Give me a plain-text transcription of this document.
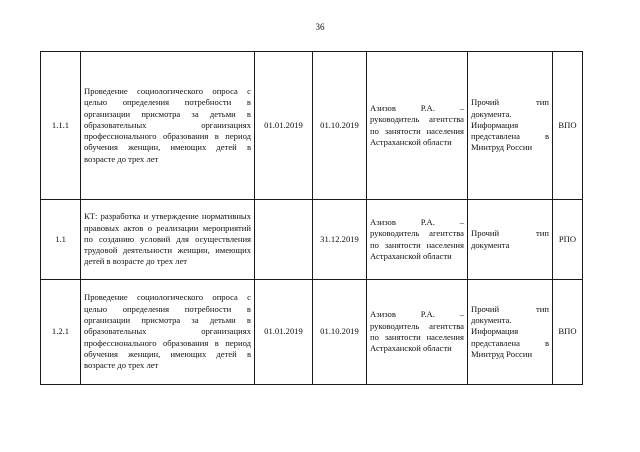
36
1.1.1	Проведение социологического опроса с целью определения потребности в организации присмотра за детьми в образовательных организациях профессионального образования в период обучения женщин, имеющих детей в возрасте до трех лет	01.01.2019	01.10.2019	Азизов Р.А. – руководитель агентства по занятости населения Астраханской области	Прочий тип документа. Информация представлена в Минтруд России	ВПО
1.1	КТ: разработка и утверждение нормативных правовых актов о реализации мероприятий по созданию условий для осуществления трудовой деятельности женщин, имеющих детей в возрасте до трех лет		31.12.2019	Азизов Р.А. – руководитель агентства по занятости населения Астраханской области	Прочий тип документа	РПО
1.2.1	Проведение социологического опроса с целью определения потребности в организации присмотра за детьми в образовательных организациях профессионального образования в период обучения женщин, имеющих детей в возрасте до трех лет	01.01.2019	01.10.2019	Азизов Р.А. – руководитель агентства по занятости населения Астраханской области	Прочий тип документа. Информация представлена в Минтруд России	ВПО
